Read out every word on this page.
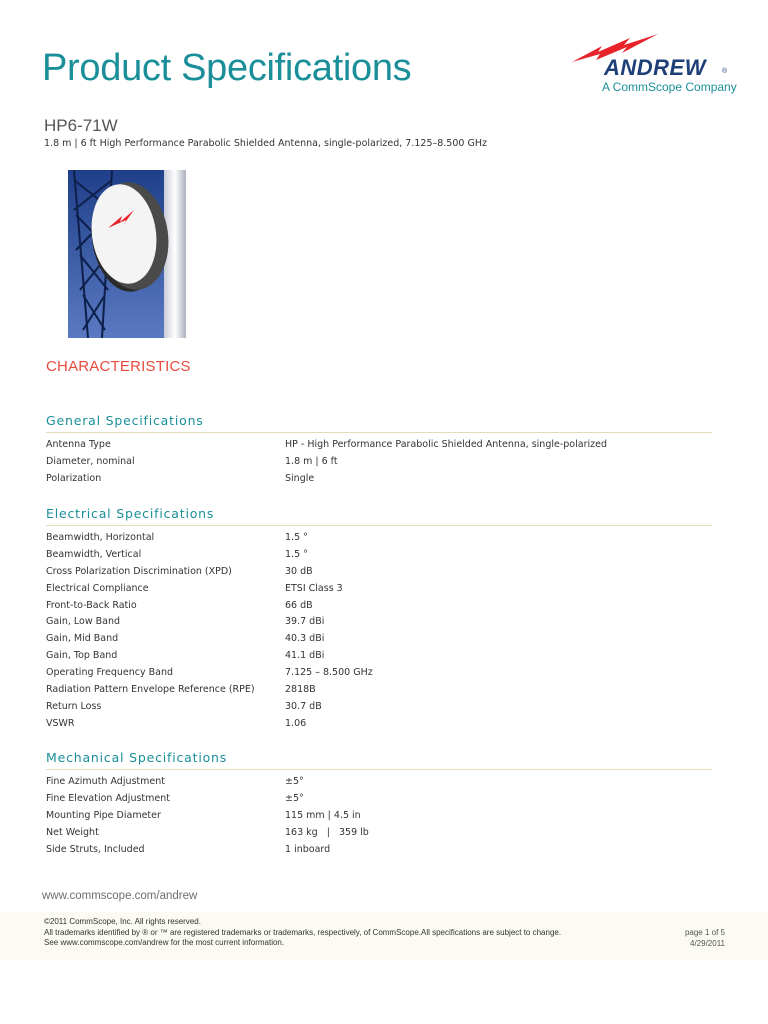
Product Specifications	ANDREW ®
A CommScope Company
HP6-71W
1.8 m | 6 ft High Performance Parabolic Shielded Antenna, single-polarized, 7.125–8.500 GHz
CHARACTERISTICS
General Specifications
Antenna Type	HP - High Performance Parabolic Shielded Antenna, single-polarized
Diameter, nominal	1.8 m | 6 ft
Polarization	Single
Electrical Specifications
Beamwidth, Horizontal	1.5 °
Beamwidth, Vertical	1.5 °
Cross Polarization Discrimination (XPD)	30 dB
Electrical Compliance	ETSI Class 3
Front-to-Back Ratio	66 dB
Gain, Low Band	39.7 dBi
Gain, Mid Band	40.3 dBi
Gain, Top Band	41.1 dBi
Operating Frequency Band	7.125 – 8.500 GHz
Radiation Pattern Envelope Reference (RPE)	2818B
Return Loss	30.7 dB
VSWR	1.06
Mechanical Specifications
Fine Azimuth Adjustment	±5°
Fine Elevation Adjustment	±5°
Mounting Pipe Diameter	115 mm | 4.5 in
Net Weight	163 kg   |   359 lb
Side Struts, Included	1 inboard
www.commscope.com/andrew
©2011 CommScope, Inc. All rights reserved.
All trademarks identified by ® or ™ are registered trademarks or trademarks, respectively, of CommScope.All specifications are subject to change.
See www.commscope.com/andrew for the most current information.
page 1 of 5
4/29/2011
